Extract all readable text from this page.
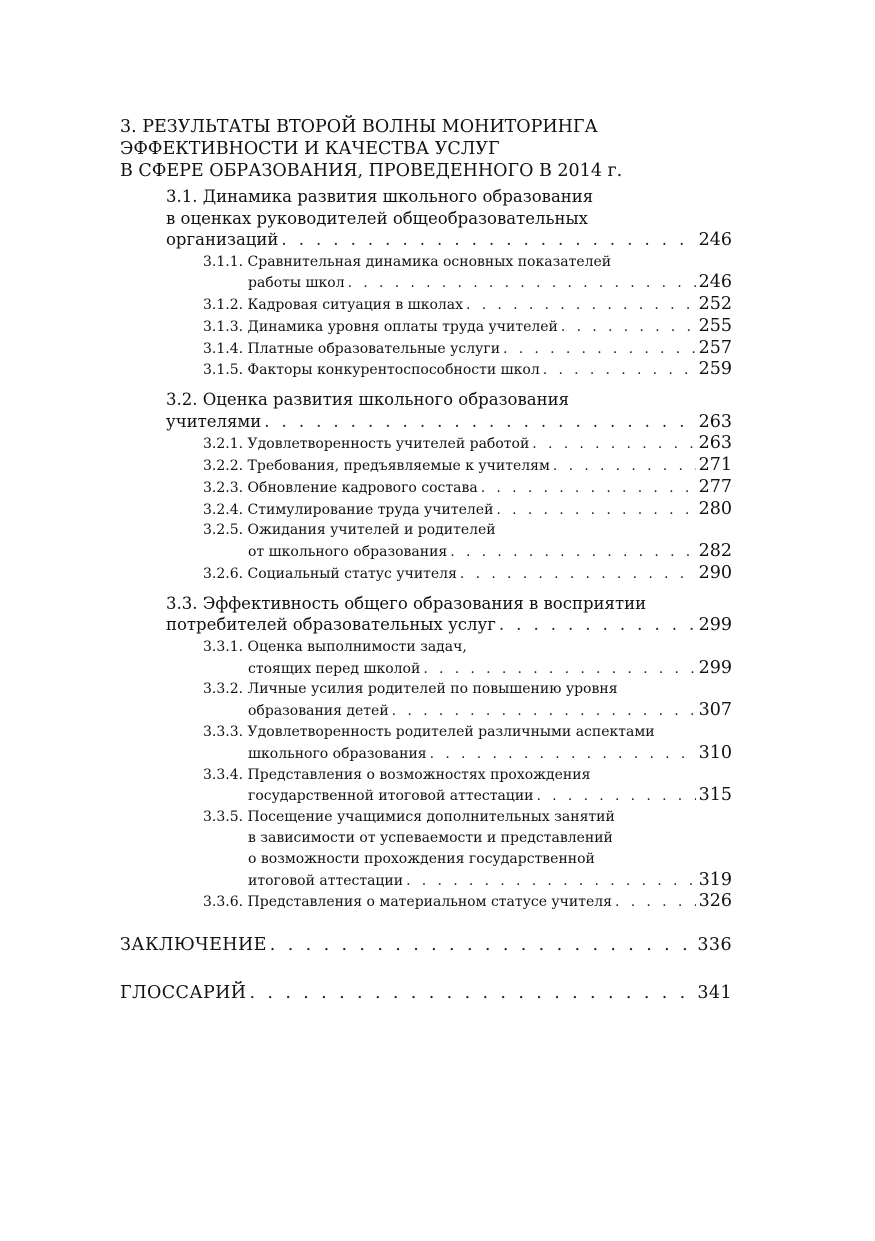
3. РЕЗУЛЬТАТЫ ВТОРОЙ ВОЛНЫ МОНИТОРИНГА
ЭФФЕКТИВНОСТИ И КАЧЕСТВА УСЛУГ
В СФЕРЕ ОБРАЗОВАНИЯ, ПРОВЕДЕННОГО В 2014 г.
3.1. Динамика развития школьного образования
в оценках руководителей общеобразовательных
организаций . . .	246
3.1.1. Сравнительная динамика основных показателей
работы школ . . .	246
3.1.2. Кадровая ситуация в школах . . .	252
3.1.3. Динамика уровня оплаты труда учителей . . .	255
3.1.4. Платные образовательные услуги . . .	257
3.1.5. Факторы конкурентоспособности школ . . .	259
3.2. Оценка развития школьного образования
учителями . . .	263
3.2.1. Удовлетворенность учителей работой . . .	263
3.2.2. Требования, предъявляемые к учителям . . .	271
3.2.3. Обновление кадрового состава . . .	277
3.2.4. Стимулирование труда учителей . . .	280
3.2.5. Ожидания учителей и родителей
от школьного образования . . .	282
3.2.6. Социальный статус учителя . . .	290
3.3. Эффективность общего образования в восприятии
потребителей образовательных услуг . . .	299
3.3.1. Оценка выполнимости задач,
стоящих перед школой . . .	299
3.3.2. Личные усилия родителей по повышению уровня
образования детей . . .	307
3.3.3. Удовлетворенность родителей различными аспектами
школьного образования . . .	310
3.3.4. Представления о возможностях прохождения
государственной итоговой аттестации . . .	315
3.3.5. Посещение учащимися дополнительных занятий
в зависимости от успеваемости и представлений
о возможности прохождения государственной
итоговой аттестации . . .	319
3.3.6. Представления о материальном статусе учителя . . .	326
ЗАКЛЮЧЕНИЕ . . .	336
ГЛОССАРИЙ . . .	341
